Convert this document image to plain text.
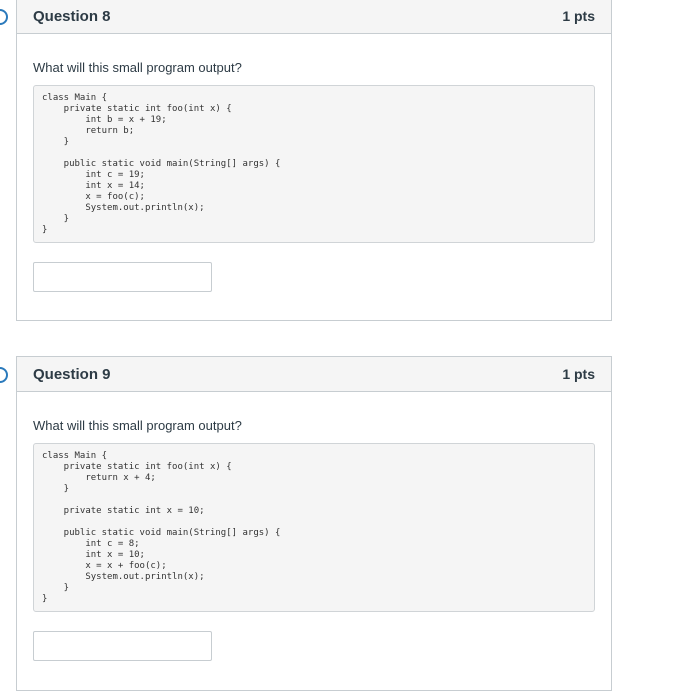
Question 8	1 pts
What will this small program output?
class Main {
private static int foo(int x) {
int b = x + 19;
return b;
}
public static void main(String[] args) {
int c = 19;
int x = 14;
x = foo(c);
System.out.println(x);
}
}
Question 9	1 pts
What will this small program output?
class Main {
private static int foo(int x) {
return x + 4;
}
private static int x = 10;
public static void main(String[] args) {
int c = 8;
int x = 10;
x = x + foo(c);
System.out.println(x);
}
}
